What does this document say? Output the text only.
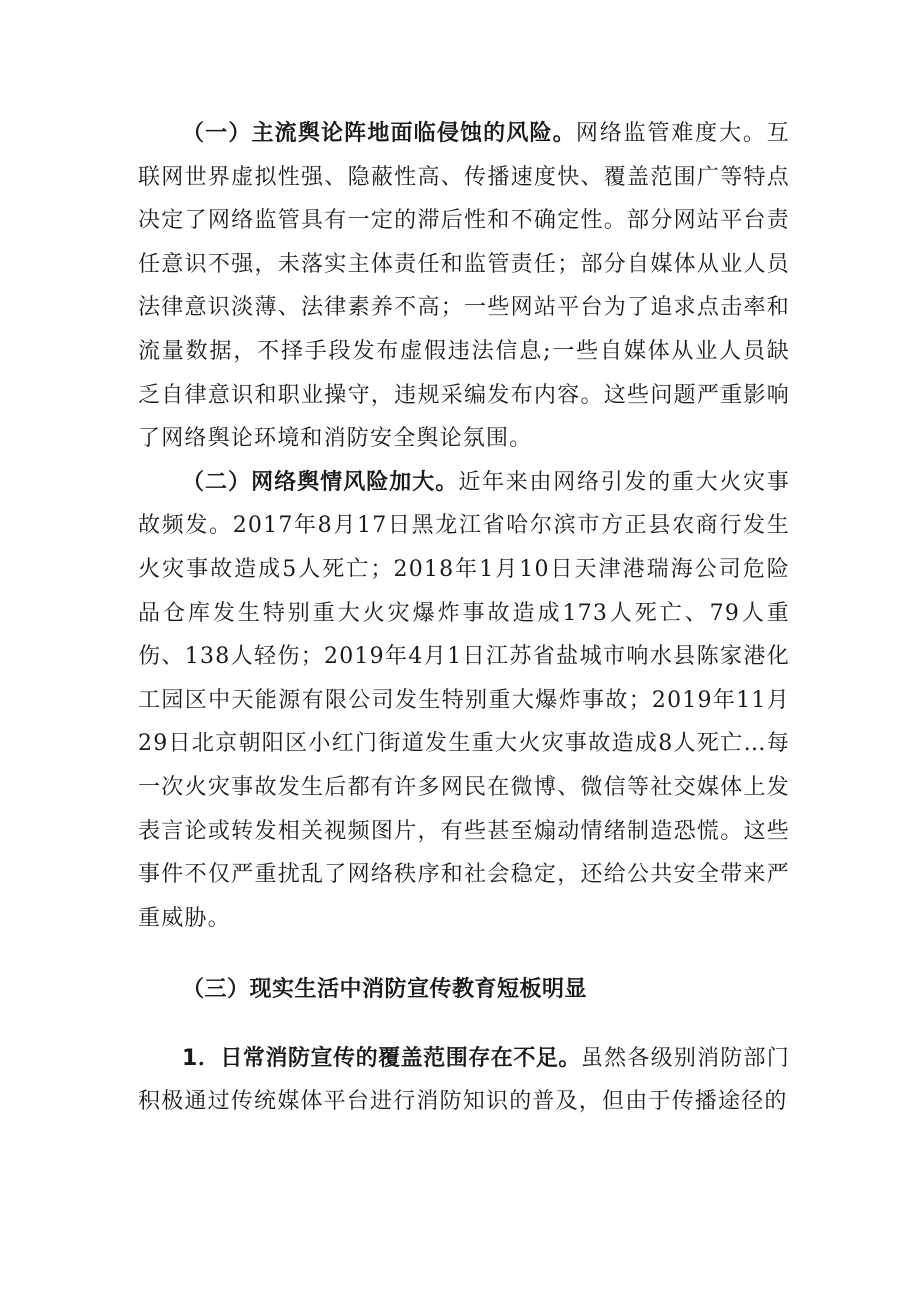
（一）主流舆论阵地面临侵蚀的风险。网络监管难度大。互联网世界虚拟性强、隐蔽性高、传播速度快、覆盖范围广等特点决定了网络监管具有一定的滞后性和不确定性。部分网站平台责任意识不强，未落实主体责任和监管责任；部分自媒体从业人员法律意识淡薄、法律素养不高；一些网站平台为了追求点击率和流量数据，不择手段发布虚假违法信息;一些自媒体从业人员缺乏自律意识和职业操守，违规采编发布内容。这些问题严重影响了网络舆论环境和消防安全舆论氛围。

（二）网络舆情风险加大。近年来由网络引发的重大火灾事故频发。2017年8月17日黑龙江省哈尔滨市方正县农商行发生火灾事故造成5人死亡；2018年1月10日天津港瑞海公司危险品仓库发生特别重大火灾爆炸事故造成173人死亡、79人重伤、138人轻伤；2019年4月1日江苏省盐城市响水县陈家港化工园区中天能源有限公司发生特别重大爆炸事故；2019年11月29日北京朝阳区小红门街道发生重大火灾事故造成8人死亡…每一次火灾事故发生后都有许多网民在微博、微信等社交媒体上发表言论或转发相关视频图片，有些甚至煽动情绪制造恐慌。这些事件不仅严重扰乱了网络秩序和社会稳定，还给公共安全带来严重威胁。

（三）现实生活中消防宣传教育短板明显

1．日常消防宣传的覆盖范围存在不足。虽然各级别消防部门积极通过传统媒体平台进行消防知识的普及，但由于传播途径的
